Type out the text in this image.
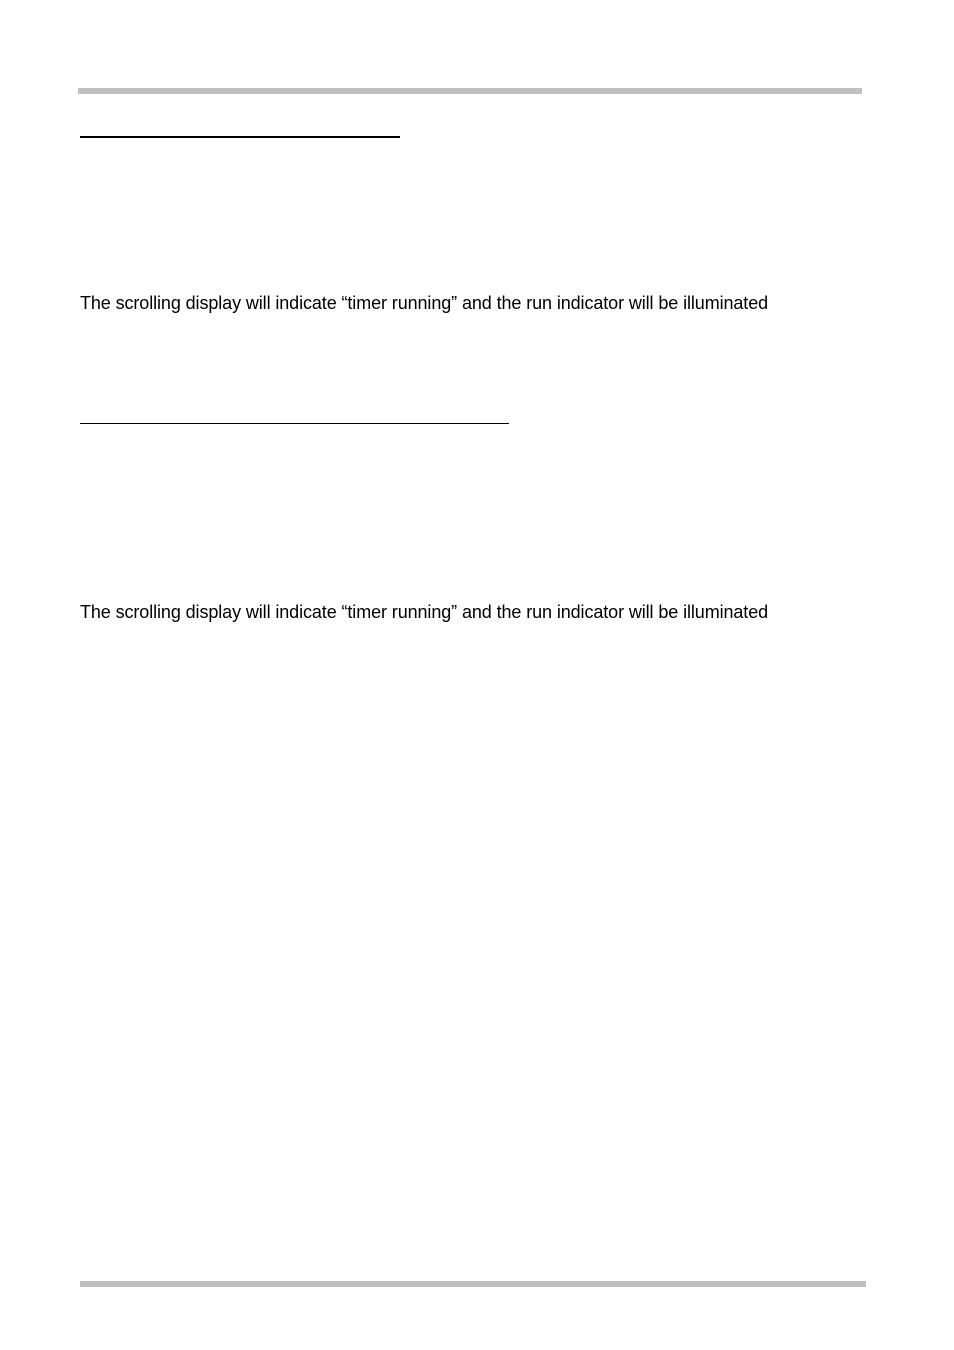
The scrolling display will indicate “timer running” and the run indicator will be illuminated
The scrolling display will indicate “timer running” and the run indicator will be illuminated
